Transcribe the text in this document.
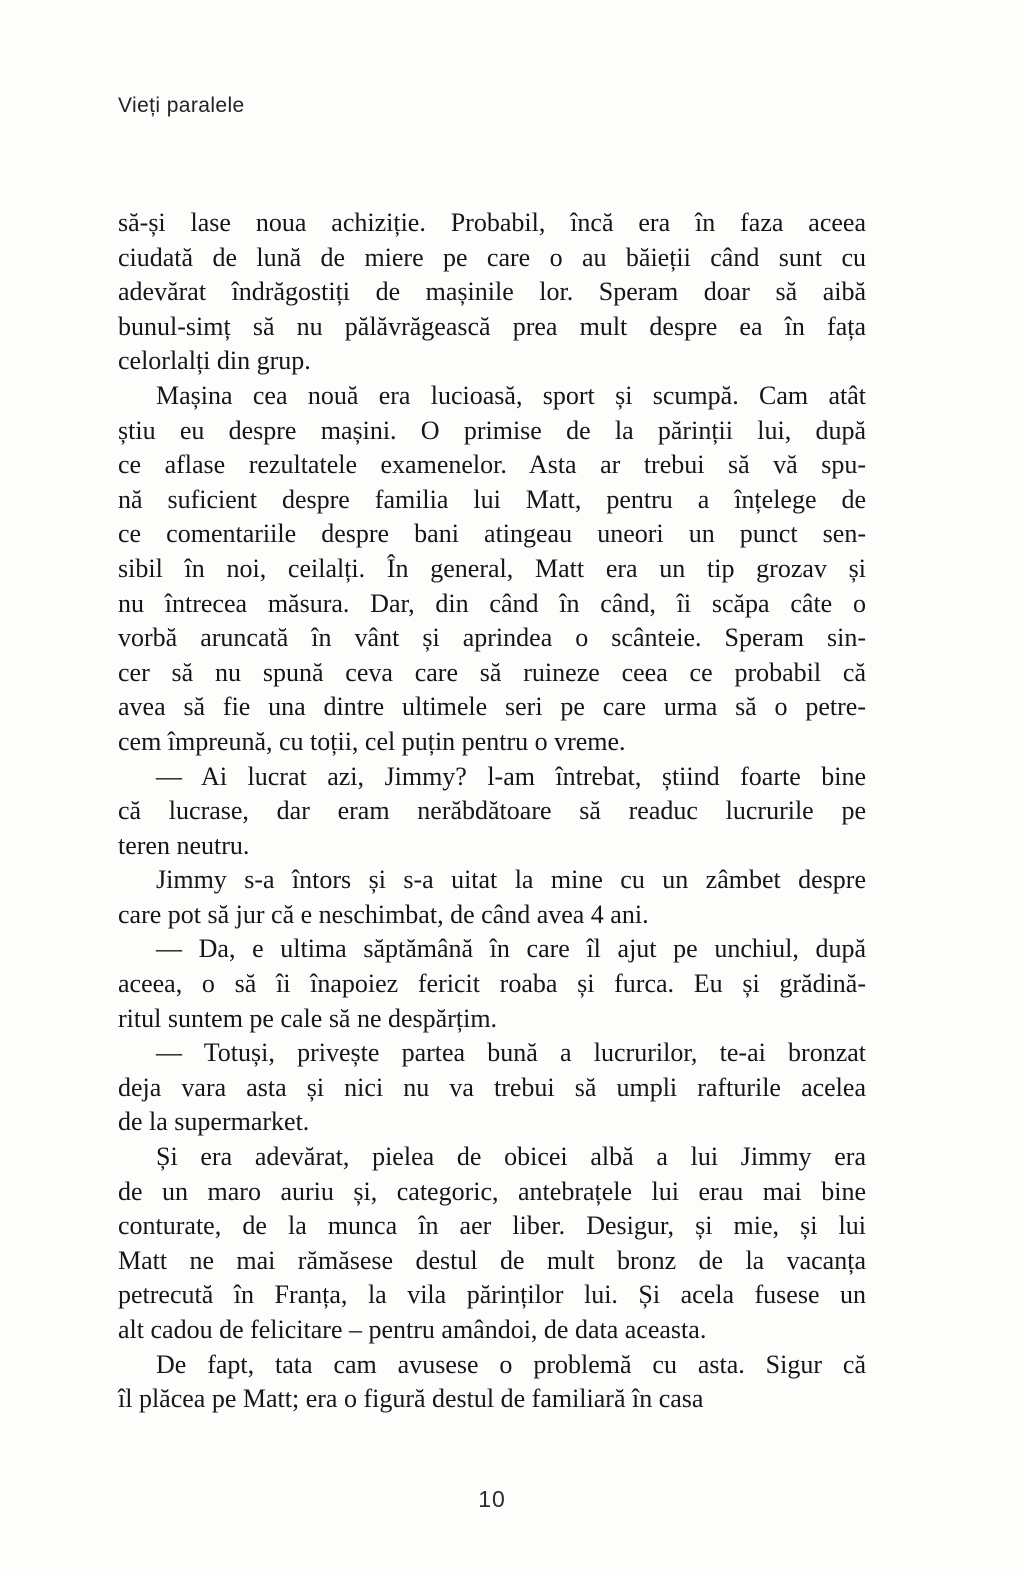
Vieți paralele
să-și lase noua achiziție. Probabil, încă era în faza aceea
ciudată de lună de miere pe care o au băieții când sunt cu
adevărat îndrăgostiți de mașinile lor. Speram doar să aibă
bunul-simț să nu pălăvrăgească prea mult despre ea în fața
celorlalți din grup.
Mașina cea nouă era lucioasă, sport și scumpă. Cam atât
știu eu despre mașini. O primise de la părinții lui, după
ce aflase rezultatele examenelor. Asta ar trebui să vă spu-
nă suficient despre familia lui Matt, pentru a înțelege de
ce comentariile despre bani atingeau uneori un punct sen-
sibil în noi, ceilalți. În general, Matt era un tip grozav și
nu întrecea măsura. Dar, din când în când, îi scăpa câte o
vorbă aruncată în vânt și aprindea o scânteie. Speram sin-
cer să nu spună ceva care să ruineze ceea ce probabil că
avea să fie una dintre ultimele seri pe care urma să o petre-
cem împreună, cu toții, cel puțin pentru o vreme.
— Ai lucrat azi, Jimmy? l-am întrebat, știind foarte bine
că lucrase, dar eram nerăbdătoare să readuc lucrurile pe
teren neutru.
Jimmy s-a întors și s-a uitat la mine cu un zâmbet despre
care pot să jur că e neschimbat, de când avea 4 ani.
— Da, e ultima săptămână în care îl ajut pe unchiul, după
aceea, o să îi înapoiez fericit roaba și furca. Eu și grădină-
ritul suntem pe cale să ne despărțim.
— Totuși, privește partea bună a lucrurilor, te-ai bronzat
deja vara asta și nici nu va trebui să umpli rafturile acelea
de la supermarket.
Și era adevărat, pielea de obicei albă a lui Jimmy era
de un maro auriu și, categoric, antebrațele lui erau mai bine
conturate, de la munca în aer liber. Desigur, și mie, și lui
Matt ne mai rămăsese destul de mult bronz de la vacanța
petrecută în Franța, la vila părinților lui. Și acela fusese un
alt cadou de felicitare – pentru amândoi, de data aceasta.
De fapt, tata cam avusese o problemă cu asta. Sigur că
îl plăcea pe Matt; era o figură destul de familiară în casa
10
